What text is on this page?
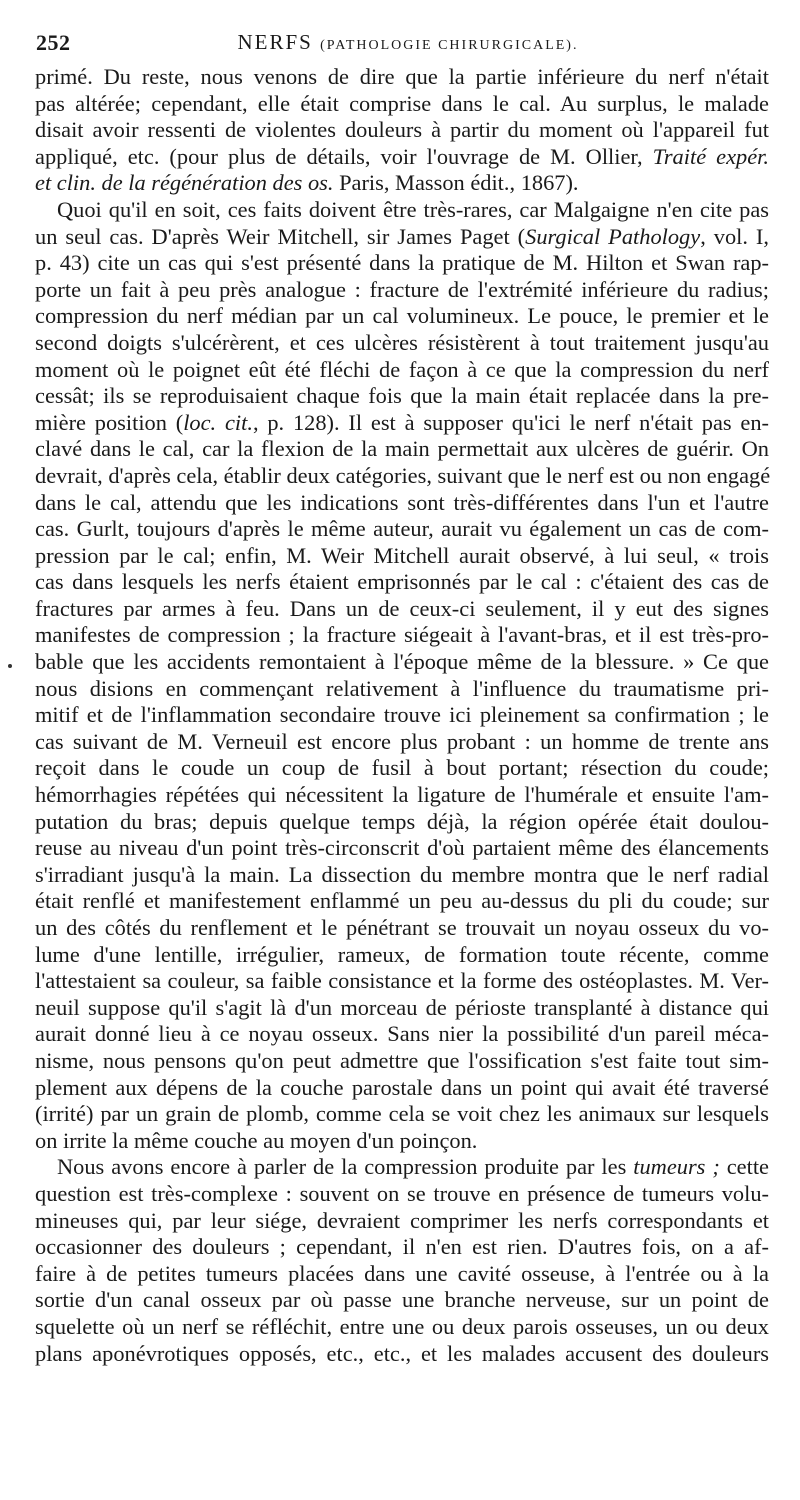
252	NERFS (PATHOLOGIE CHIRURGICALE).
primé. Du reste, nous venons de dire que la partie inférieure du nerf n'était
pas altérée; cependant, elle était comprise dans le cal. Au surplus, le malade
disait avoir ressenti de violentes douleurs à partir du moment où l'appareil fut
appliqué, etc. (pour plus de détails, voir l'ouvrage de M. Ollier, Traité expér.
et clin. de la régénération des os. Paris, Masson édit., 1867).
Quoi qu'il en soit, ces faits doivent être très-rares, car Malgaigne n'en cite pas
un seul cas. D'après Weir Mitchell, sir James Paget (Surgical Pathology, vol. I,
p. 43) cite un cas qui s'est présenté dans la pratique de M. Hilton et Swan rap-
porte un fait à peu près analogue : fracture de l'extrémité inférieure du radius;
compression du nerf médian par un cal volumineux. Le pouce, le premier et le
second doigts s'ulcérèrent, et ces ulcères résistèrent à tout traitement jusqu'au
moment où le poignet eût été fléchi de façon à ce que la compression du nerf
cessât; ils se reproduisaient chaque fois que la main était replacée dans la pre-
mière position (loc. cit., p. 128). Il est à supposer qu'ici le nerf n'était pas en-
clavé dans le cal, car la flexion de la main permettait aux ulcères de guérir. On
devrait, d'après cela, établir deux catégories, suivant que le nerf est ou non engagé
dans le cal, attendu que les indications sont très-différentes dans l'un et l'autre
cas. Gurlt, toujours d'après le même auteur, aurait vu également un cas de com-
pression par le cal; enfin, M. Weir Mitchell aurait observé, à lui seul, « trois
cas dans lesquels les nerfs étaient emprisonnés par le cal : c'étaient des cas de
fractures par armes à feu. Dans un de ceux-ci seulement, il y eut des signes
manifestes de compression ; la fracture siégeait à l'avant-bras, et il est très-pro-
bable que les accidents remontaient à l'époque même de la blessure. » Ce que
nous disions en commençant relativement à l'influence du traumatisme pri-
mitif et de l'inflammation secondaire trouve ici pleinement sa confirmation ; le
cas suivant de M. Verneuil est encore plus probant : un homme de trente ans
reçoit dans le coude un coup de fusil à bout portant; résection du coude;
hémorrhagies répétées qui nécessitent la ligature de l'humérale et ensuite l'am-
putation du bras; depuis quelque temps déjà, la région opérée était doulou-
reuse au niveau d'un point très-circonscrit d'où partaient même des élancements
s'irradiant jusqu'à la main. La dissection du membre montra que le nerf radial
était renflé et manifestement enflammé un peu au-dessus du pli du coude; sur
un des côtés du renflement et le pénétrant se trouvait un noyau osseux du vo-
lume d'une lentille, irrégulier, rameux, de formation toute récente, comme
l'attestaient sa couleur, sa faible consistance et la forme des ostéoplastes. M. Ver-
neuil suppose qu'il s'agit là d'un morceau de périoste transplanté à distance qui
aurait donné lieu à ce noyau osseux. Sans nier la possibilité d'un pareil méca-
nisme, nous pensons qu'on peut admettre que l'ossification s'est faite tout sim-
plement aux dépens de la couche parostale dans un point qui avait été traversé
(irrité) par un grain de plomb, comme cela se voit chez les animaux sur lesquels
on irrite la même couche au moyen d'un poinçon.
Nous avons encore à parler de la compression produite par les tumeurs ; cette
question est très-complexe : souvent on se trouve en présence de tumeurs volu-
mineuses qui, par leur siége, devraient comprimer les nerfs correspondants et
occasionner des douleurs ; cependant, il n'en est rien. D'autres fois, on a af-
faire à de petites tumeurs placées dans une cavité osseuse, à l'entrée ou à la
sortie d'un canal osseux par où passe une branche nerveuse, sur un point de
squelette où un nerf se réfléchit, entre une ou deux parois osseuses, un ou deux
plans aponévrotiques opposés, etc., etc., et les malades accusent des douleurs
